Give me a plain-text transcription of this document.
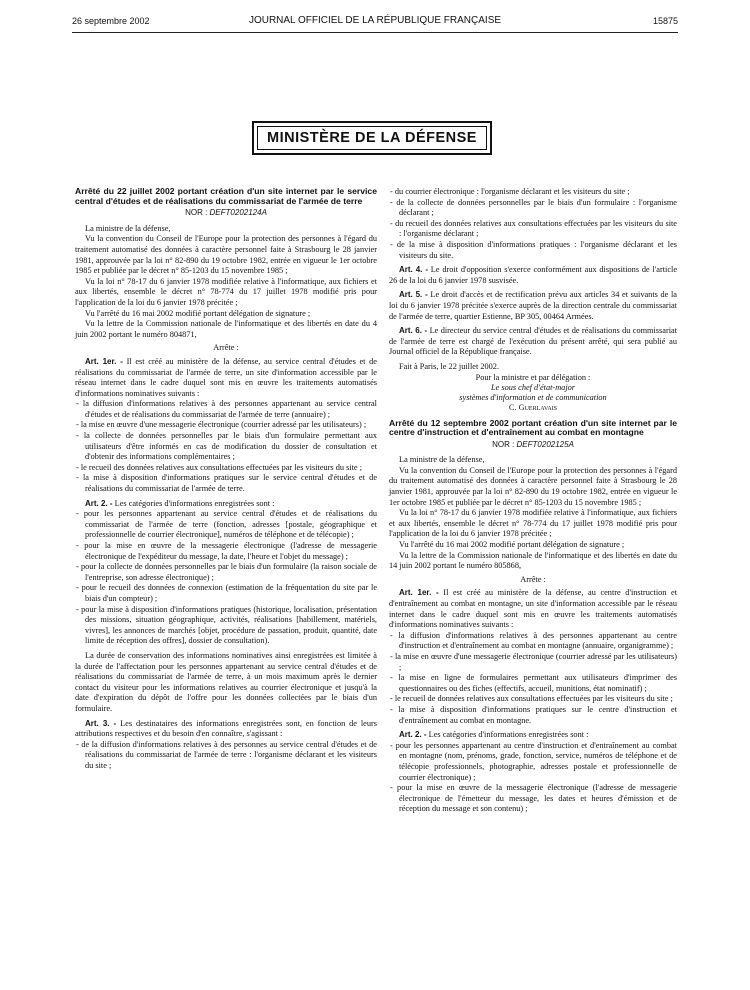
26 septembre 2002	JOURNAL OFFICIEL DE LA RÉPUBLIQUE FRANÇAISE	15875
MINISTÈRE DE LA DÉFENSE
Arrêté du 22 juillet 2002 portant création d'un site internet par le service central d'études et de réalisations du commissariat de l'armée de terre
NOR : DEFT0202124A

La ministre de la défense,

Vu la convention du Conseil de l'Europe pour la protection des personnes à l'égard du traitement automatisé des données à caractère personnel faite à Strasbourg le 28 janvier 1981, approuvée par la loi n° 82-890 du 19 octobre 1982, entrée en vigueur le 1er octobre 1985 et publiée par le décret n° 85-1203 du 15 novembre 1985 ;

Vu la loi n° 78-17 du 6 janvier 1978 modifiée relative à l'informatique, aux fichiers et aux libertés, ensemble le décret n° 78-774 du 17 juillet 1978 modifié pris pour l'application de la loi du 6 janvier 1978 précitée ;

Vu l'arrêté du 16 mai 2002 modifié portant délégation de signature ;

Vu la lettre de la Commission nationale de l'informatique et des libertés en date du 4 juin 2002 portant le numéro 804871,

Arrête :

Art. 1er. - Il est créé au ministère de la défense, au service central d'études et de réalisations du commissariat de l'armée de terre, un site d'information accessible par le réseau internet dans le cadre duquel sont mis en œuvre les traitements automatisés d'informations nominatives suivants :

- la diffusion d'informations relatives à des personnes appartenant au service central d'études et de réalisations du commissariat de l'armée de terre (annuaire) ;
- la mise en œuvre d'une messagerie électronique (courrier adressé par les utilisateurs) ;
- la collecte de données personnelles par le biais d'un formulaire permettant aux utilisateurs d'être informés en cas de modification du dossier de consultation et d'obtenir des informations complémentaires ;
- le recueil des données relatives aux consultations effectuées par les visiteurs du site ;
- la mise à disposition d'informations pratiques sur le service central d'études et de réalisations du commissariat de l'armée de terre.

Art. 2. - Les catégories d'informations enregistrées sont :

- pour les personnes appartenant au service central d'études et de réalisations du commissariat de l'armée de terre (fonction, adresses [postale, géographique et professionnelle de courrier électronique], numéros de téléphone et de télécopie) ;
- pour la mise en œuvre de la messagerie électronique (l'adresse de messagerie électronique de l'expéditeur du message, la date, l'heure et l'objet du message) ;
- pour la collecte de données personnelles par le biais d'un formulaire (la raison sociale de l'entreprise, son adresse électronique) ;
- pour le recueil des données de connexion (estimation de la fréquentation du site par le biais d'un compteur) ;
- pour la mise à disposition d'informations pratiques (historique, localisation, présentation des missions, situation géographique, activités, réalisations [habillement, matériels, vivres], les annonces de marchés [objet, procédure de passation, produit, quantité, date limite de réception des offres], dossier de consultation).

La durée de conservation des informations nominatives ainsi enregistrées est limitée à la durée de l'affectation pour les personnes appartenant au service central d'études et de réalisations du commissariat de l'armée de terre, à un mois maximum après le dernier contact du visiteur pour les informations relatives au courrier électronique et jusqu'à la date d'expiration du dépôt de l'offre pour les données collectées par le biais d'un formulaire.

Art. 3. - Les destinataires des informations enregistrées sont, en fonction de leurs attributions respectives et du besoin d'en connaître, s'agissant :

- de la diffusion d'informations relatives à des personnes au service central d'études et de réalisations du commissariat de l'armée de terre : l'organisme déclarant et les visiteurs du site ;
- du courrier électronique : l'organisme déclarant et les visiteurs du site ;
- de la collecte de données personnelles par le biais d'un formulaire : l'organisme déclarant ;
- du recueil des données relatives aux consultations effectuées par les visiteurs du site : l'organisme déclarant ;
- de la mise à disposition d'informations pratiques : l'organisme déclarant et les visiteurs du site.

Art. 4. - Le droit d'opposition s'exerce conformément aux dispositions de l'article 26 de la loi du 6 janvier 1978 susvisée.

Art. 5. - Le droit d'accès et de rectification prévu aux articles 34 et suivants de la loi du 6 janvier 1978 précitée s'exerce auprès de la direction centrale du commissariat de l'armée de terre, quartier Estienne, BP 305, 00464 Armées.

Art. 6. - Le directeur du service central d'études et de réalisations du commissariat de l'armée de terre est chargé de l'exécution du présent arrêté, qui sera publié au Journal officiel de la République française.

Fait à Paris, le 22 juillet 2002.

Pour la ministre et par délégation :
Le sous chef d'état-major
systèmes d'information et de communication
C. Guerlavais
Arrêté du 12 septembre 2002 portant création d'un site internet par le centre d'instruction et d'entraînement au combat en montagne
NOR : DEFT0202125A

La ministre de la défense,

Vu la convention du Conseil de l'Europe pour la protection des personnes à l'égard du traitement automatisé des données à caractère personnel faite à Strasbourg le 28 janvier 1981, approuvée par la loi n° 82-890 du 19 octobre 1982, entrée en vigueur le 1er octobre 1985 et publiée par le décret n° 85-1203 du 15 novembre 1985 ;

Vu la loi n° 78-17 du 6 janvier 1978 modifiée relative à l'informatique, aux fichiers et aux libertés, ensemble le décret n° 78-774 du 17 juillet 1978 modifié pris pour l'application de la loi du 6 janvier 1978 précitée ;

Vu l'arrêté du 16 mai 2002 modifié portant délégation de signature ;

Vu la lettre de la Commission nationale de l'informatique et des libertés en date du 14 juin 2002 portant le numéro 805868,

Arrête :

Art. 1er. - Il est créé au ministère de la défense, au centre d'instruction et d'entraînement au combat en montagne, un site d'information accessible par le réseau internet dans le cadre duquel sont mis en œuvre les traitements automatisés d'informations nominatives suivants :

- la diffusion d'informations relatives à des personnes appartenant au centre d'instruction et d'entraînement au combat en montagne (annuaire, organigramme) ;
- la mise en œuvre d'une messagerie électronique (courrier adressé par les utilisateurs) ;
- la mise en ligne de formulaires permettant aux utilisateurs d'imprimer des questionnaires ou des fiches (effectifs, accueil, munitions, état nominatif) ;
- le recueil de données relatives aux consultations effectuées par les visiteurs du site ;
- la mise à disposition d'informations pratiques sur le centre d'instruction et d'entraînement au combat en montagne.

Art. 2. - Les catégories d'informations enregistrées sont :

- pour les personnes appartenant au centre d'instruction et d'entraînement au combat en montagne (nom, prénoms, grade, fonction, service, numéros de téléphone et de télécopie professionnels, photographie, adresses postale et professionnelle de courrier électronique) ;
- pour la mise en œuvre de la messagerie électronique (l'adresse de messagerie électronique de l'émetteur du message, les dates et heures d'émission et de réception du message et son contenu) ;
